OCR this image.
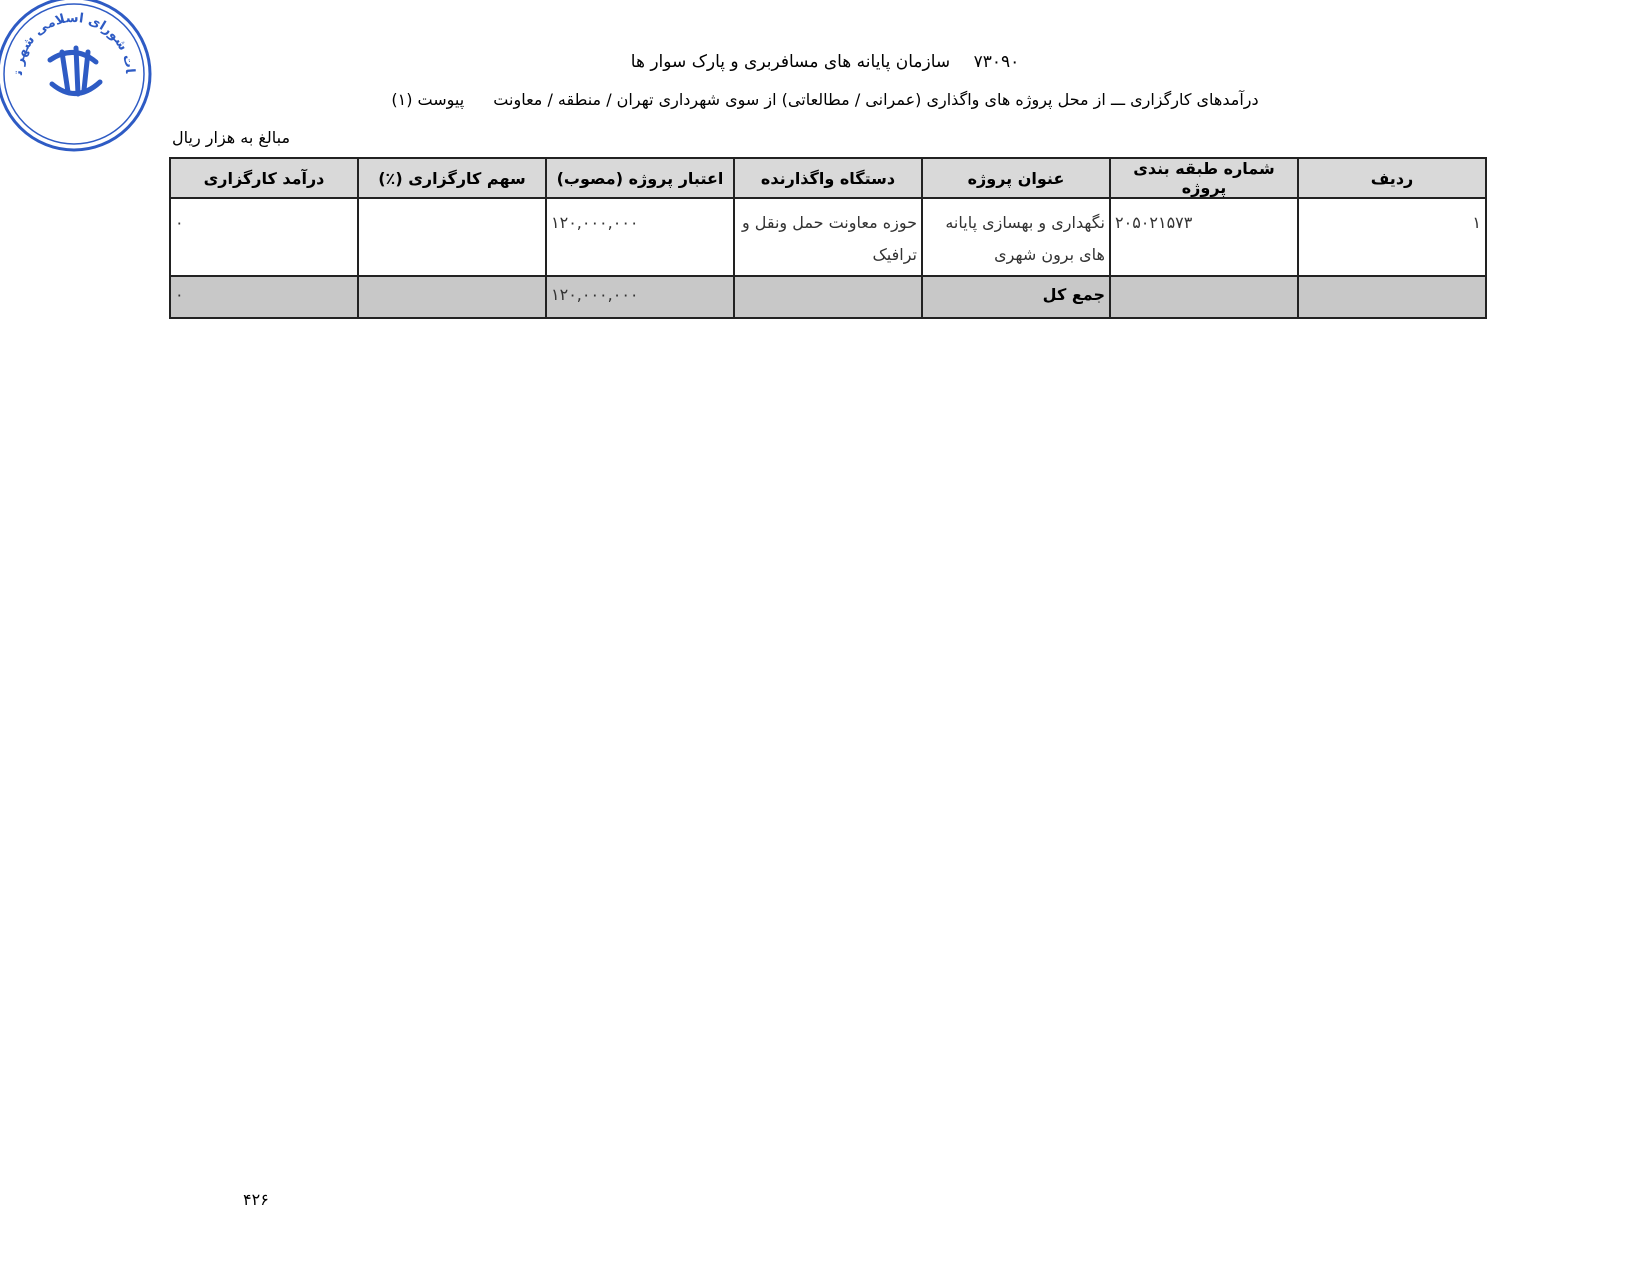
ات شورای اسلامی شهر ت
۷۳۰۹۰ سازمان پایانه های مسافربری و پارک سوار ها
درآمدهای کارگزاری ـــ از محل پروژه های واگذاری (عمرانی / مطالعاتی) از سوی شهرداری تهران / منطقه / معاونت پیوست (۱)
مبالغ به هزار ریال
ردیف	شماره طبقه بندی پروژه	عنوان پروژه	دستگاه واگذارنده	اعتبار پروژه (مصوب)	سهم کارگزاری (٪)	درآمد کارگزاری
۱	۲۰۵۰۲۱۵۷۳	نگهداری و بهسازی پایانه های برون شهری	حوزه معاونت حمل ونقل و ترافیک	۱۲۰,۰۰۰,۰۰۰		۰
		جمع کل		۱۲۰,۰۰۰,۰۰۰		۰
۴۲۶
